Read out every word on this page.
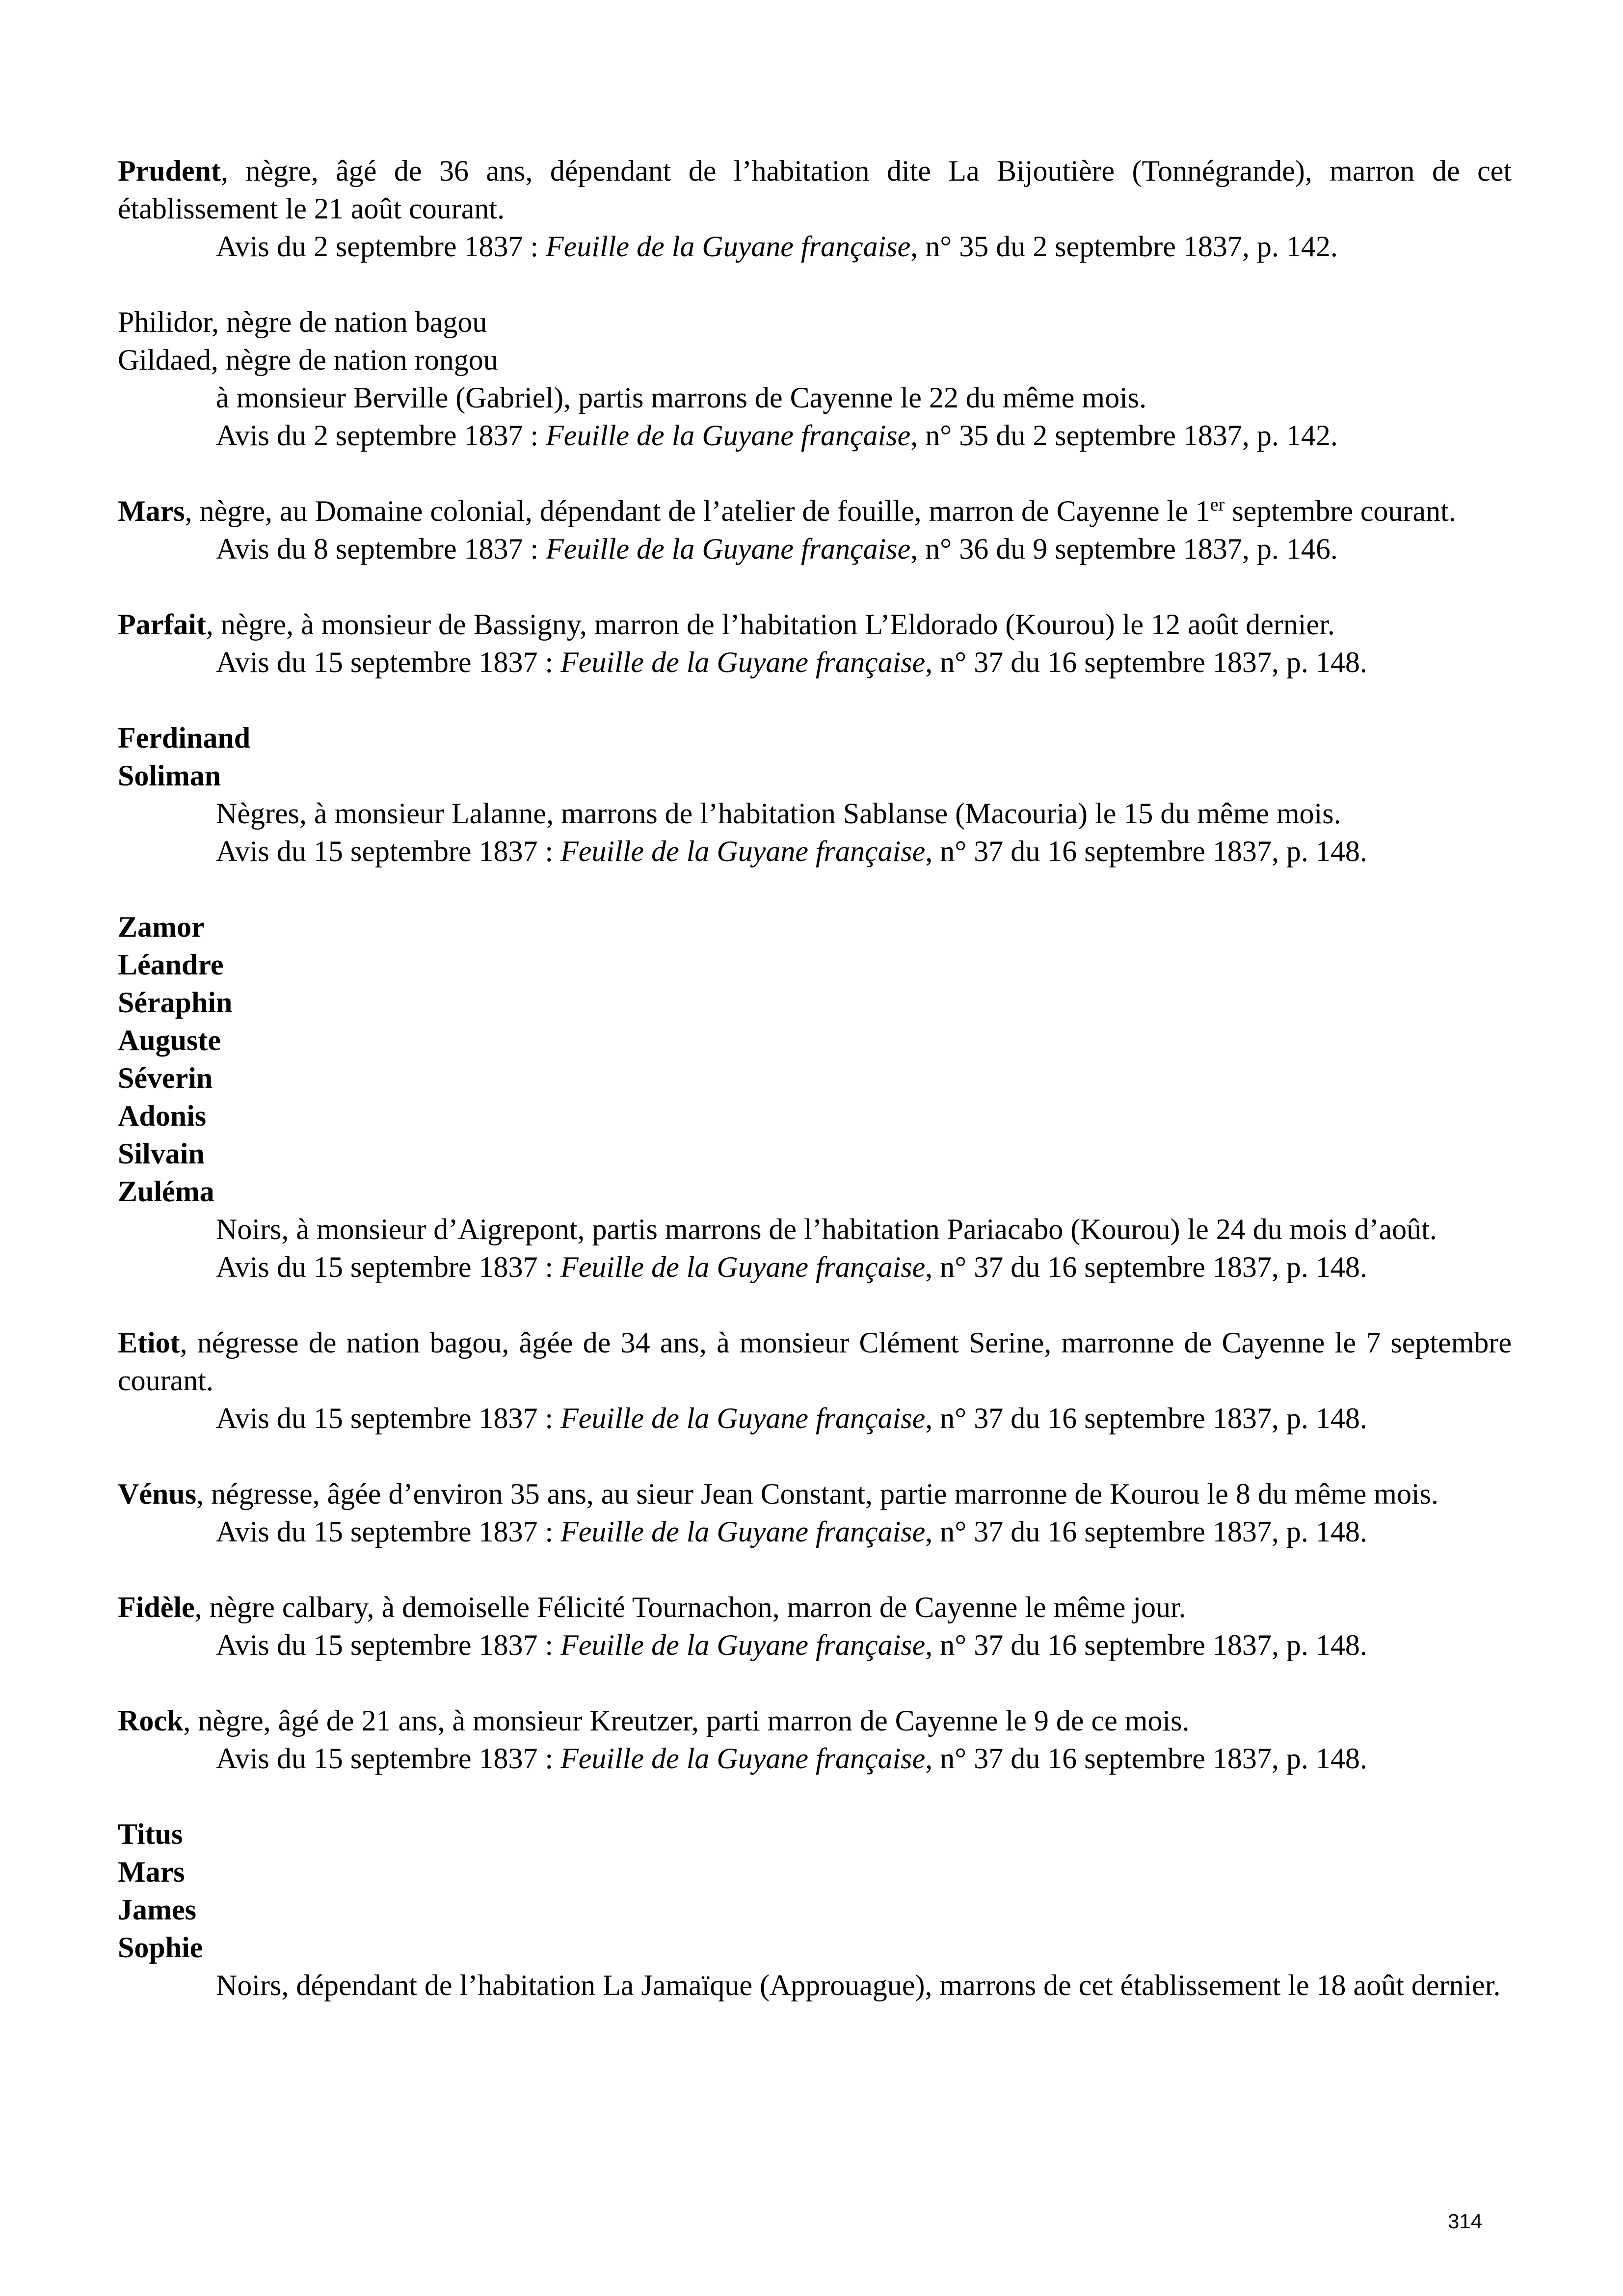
Prudent, nègre, âgé de 36 ans, dépendant de l’habitation dite La Bijoutière (Tonnégrande), marron de cet établissement le 21 août courant.

Avis du 2 septembre 1837 : Feuille de la Guyane française, n° 35 du 2 septembre 1837, p. 142.

Philidor, nègre de nation bagou

Gildaed, nègre de nation rongou

à monsieur Berville (Gabriel), partis marrons de Cayenne le 22 du même mois.

Avis du 2 septembre 1837 : Feuille de la Guyane française, n° 35 du 2 septembre 1837, p. 142.

Mars, nègre, au Domaine colonial, dépendant de l’atelier de fouille, marron de Cayenne le 1er septembre courant.

Avis du 8 septembre 1837 : Feuille de la Guyane française, n° 36 du 9 septembre 1837, p. 146.

Parfait, nègre, à monsieur de Bassigny, marron de l’habitation L’Eldorado (Kourou) le 12 août dernier.

Avis du 15 septembre 1837 : Feuille de la Guyane française, n° 37 du 16 septembre 1837, p. 148.

Ferdinand
Soliman

Nègres, à monsieur Lalanne, marrons de l’habitation Sablanse (Macouria) le 15 du même mois.

Avis du 15 septembre 1837 : Feuille de la Guyane française, n° 37 du 16 septembre 1837, p. 148.

Zamor
Léandre
Séraphin
Auguste
Séverin
Adonis
Silvain
Zuléma

Noirs, à monsieur d’Aigrepont, partis marrons de l’habitation Pariacabo (Kourou) le 24 du mois d’août.

Avis du 15 septembre 1837 : Feuille de la Guyane française, n° 37 du 16 septembre 1837, p. 148.

Etiot, négresse de nation bagou, âgée de 34 ans, à monsieur Clément Serine, marronne de Cayenne le 7 septembre courant.

Avis du 15 septembre 1837 : Feuille de la Guyane française, n° 37 du 16 septembre 1837, p. 148.

Vénus, négresse, âgée d’environ 35 ans, au sieur Jean Constant, partie marronne de Kourou le 8 du même mois.

Avis du 15 septembre 1837 : Feuille de la Guyane française, n° 37 du 16 septembre 1837, p. 148.

Fidèle, nègre calbary, à demoiselle Félicité Tournachon, marron de Cayenne le même jour.

Avis du 15 septembre 1837 : Feuille de la Guyane française, n° 37 du 16 septembre 1837, p. 148.

Rock, nègre, âgé de 21 ans, à monsieur Kreutzer, parti marron de Cayenne le 9 de ce mois.

Avis du 15 septembre 1837 : Feuille de la Guyane française, n° 37 du 16 septembre 1837, p. 148.

Titus
Mars
James
Sophie

Noirs, dépendant de l’habitation La Jamaïque (Approuague), marrons de cet établissement le 18 août dernier.

314
